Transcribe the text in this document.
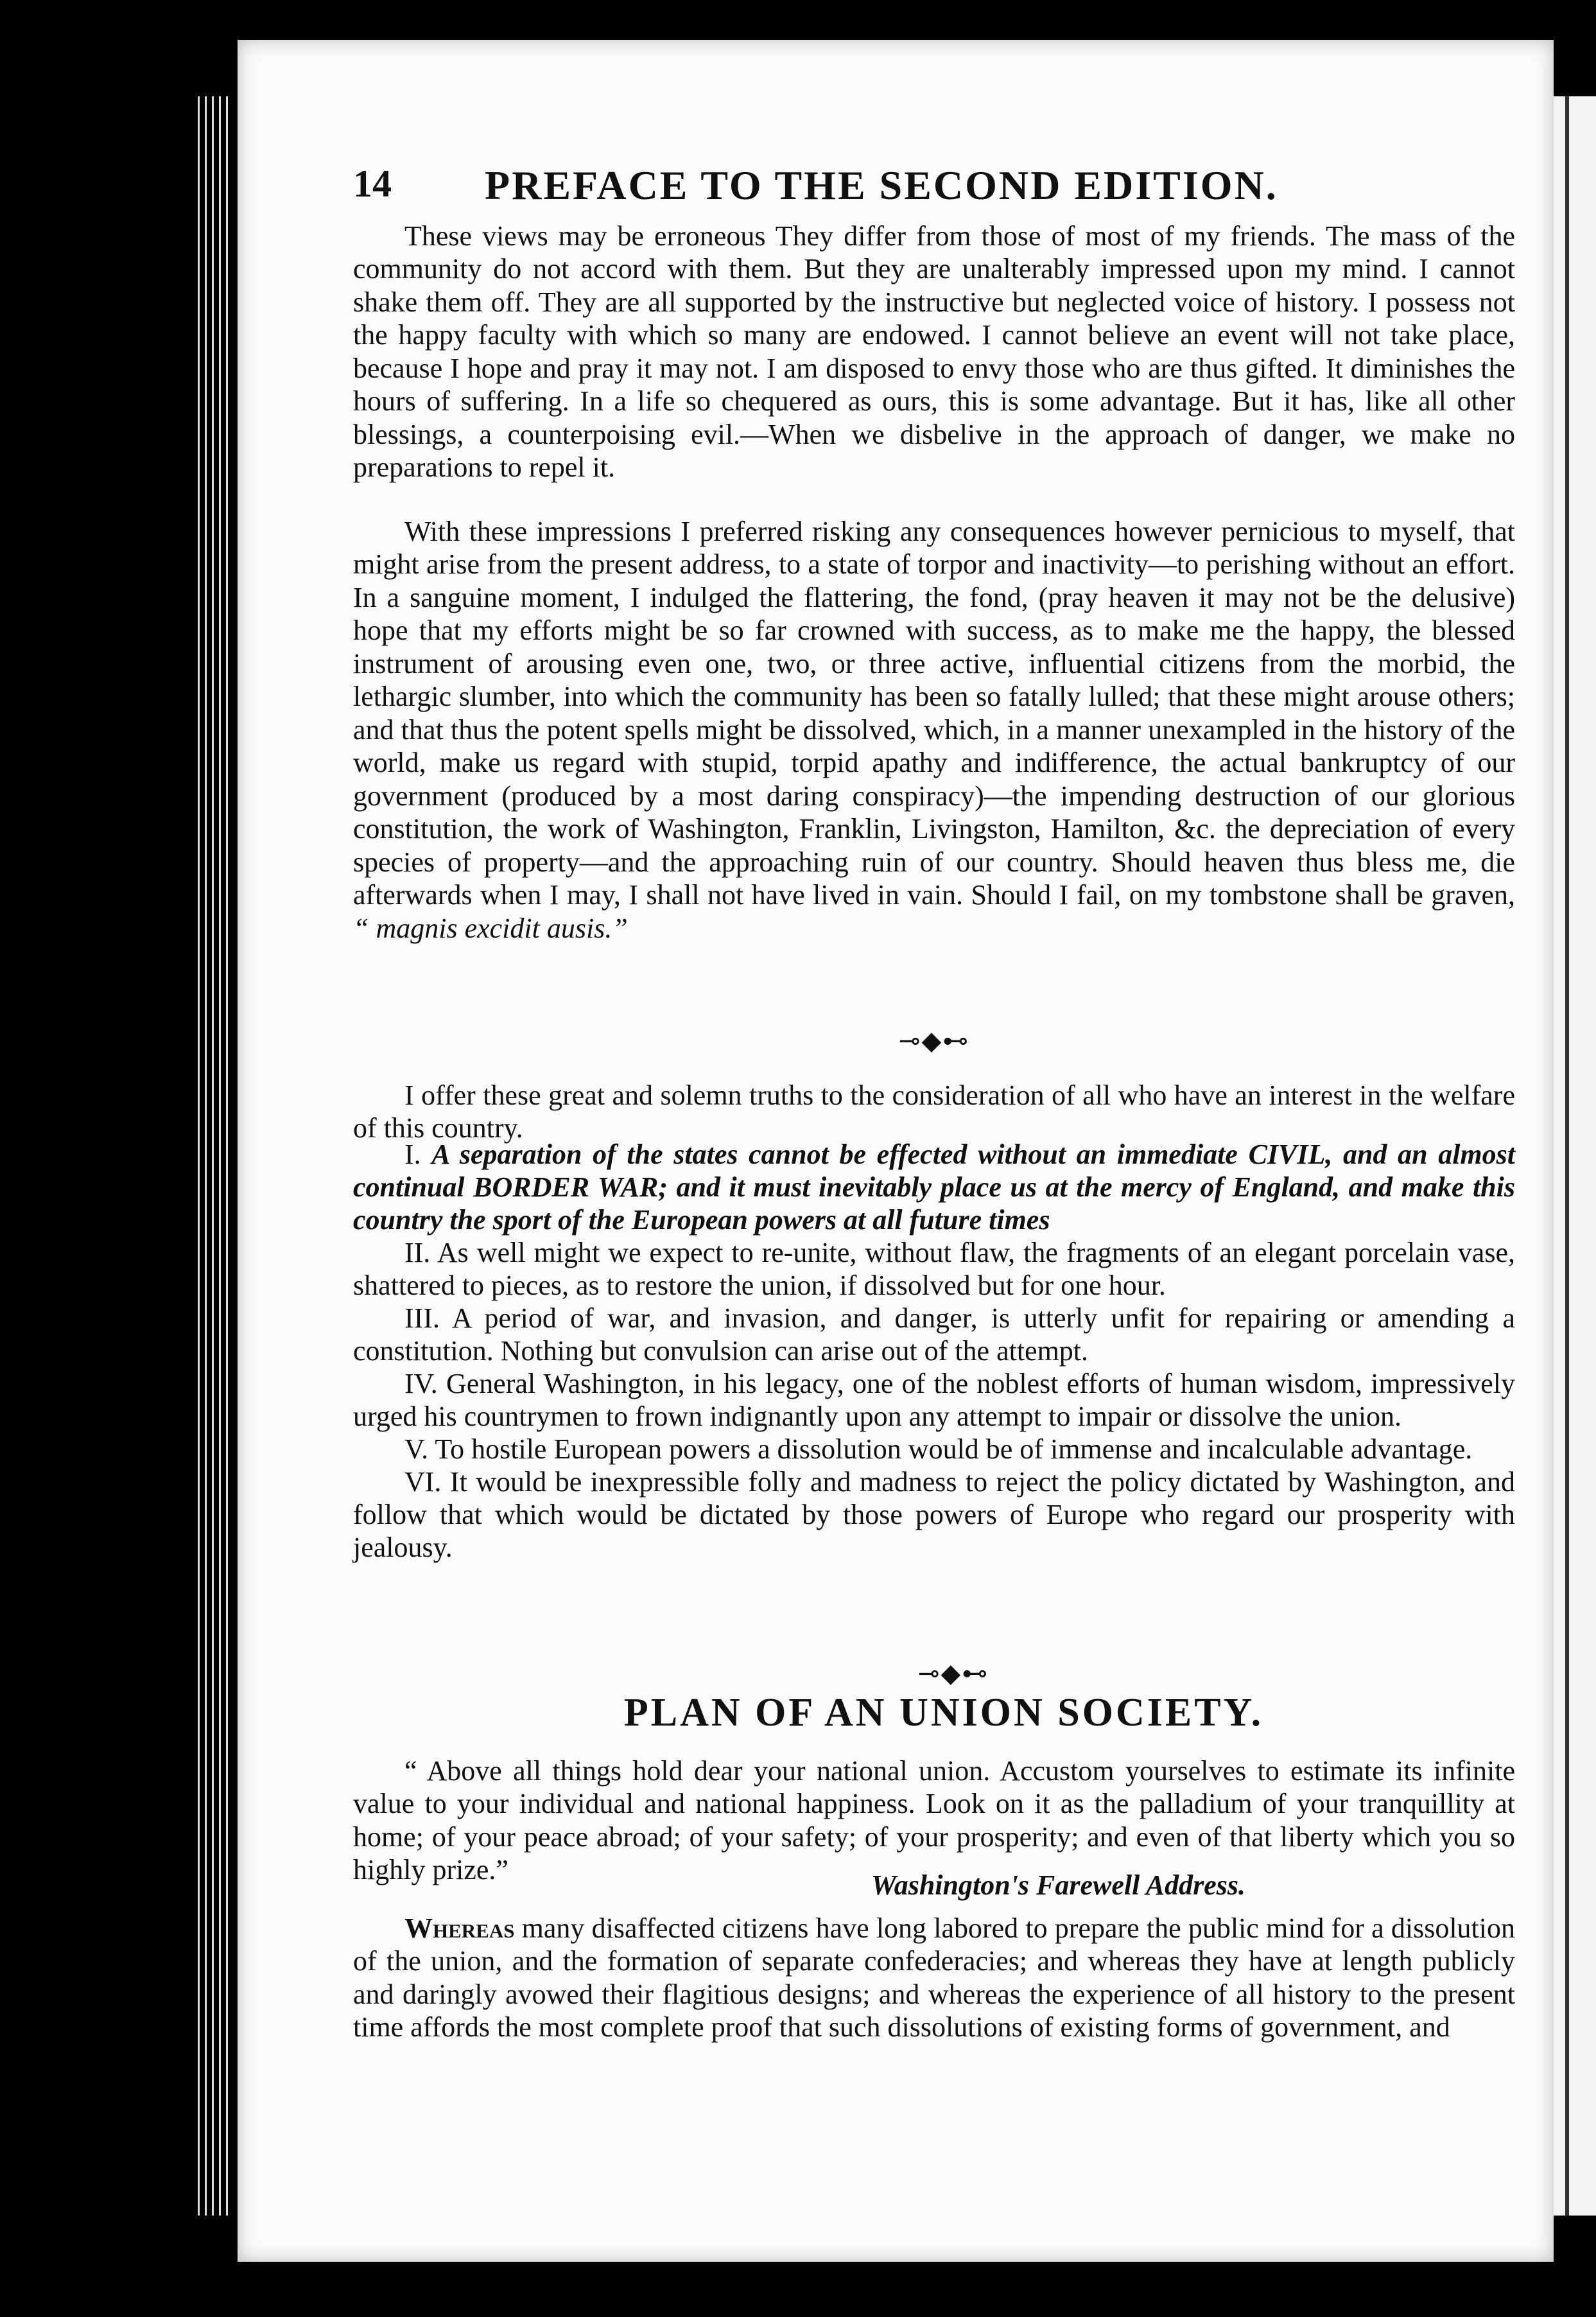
14 PREFACE TO THE SECOND EDITION.

These views may be erroneous They differ from those of most of my friends. The mass of the community do not accord with them. But they are unalterably impressed upon my mind. I cannot shake them off. They are all supported by the instructive but neglected voice of history. I possess not the happy faculty with which so many are endowed. I cannot believe an event will not take place, because I hope and pray it may not. I am disposed to envy those who are thus gifted. It diminishes the hours of suffering. In a life so chequered as ours, this is some advantage. But it has, like all other blessings, a counterpoising evil.—When we disbelive in the approach of danger, we make no preparations to repel it.

With these impressions I preferred risking any consequences however pernicious to myself, that might arise from the present address, to a state of torpor and inactivity—to perishing without an effort. In a sanguine moment, I indulged the flattering, the fond, (pray heaven it may not be the delusive) hope that my efforts might be so far crowned with success, as to make me the happy, the blessed instrument of arousing even one, two, or three active, influential citizens from the morbid, the lethargic slumber, into which the community has been so fatally lulled; that these might arouse others; and that thus the potent spells might be dissolved, which, in a manner unexampled in the history of the world, make us regard with stupid, torpid apathy and indifference, the actual bankruptcy of our government (produced by a most daring conspiracy)—the impending destruction of our glorious constitution, the work of Washington, Franklin, Livingston, Hamilton, &c. the depreciation of every species of property—and the approaching ruin of our country. Should heaven thus bless me, die afterwards when I may, I shall not have lived in vain. Should I fail, on my tombstone shall be graven, “ magnis excidit ausis.”

⊸◆⊷

I offer these great and solemn truths to the consideration of all who have an interest in the welfare of this country.

I. A separation of the states cannot be effected without an immediate CIVIL, and an almost continual BORDER WAR; and it must inevitably place us at the mercy of England, and make this country the sport of the European powers at all future times

II. As well might we expect to re-unite, without flaw, the fragments of an elegant porcelain vase, shattered to pieces, as to restore the union, if dissolved but for one hour.

III. A period of war, and invasion, and danger, is utterly unfit for repairing or amending a constitution. Nothing but convulsion can arise out of the attempt.

IV. General Washington, in his legacy, one of the noblest efforts of human wisdom, impressively urged his countrymen to frown indignantly upon any attempt to impair or dissolve the union.

V. To hostile European powers a dissolution would be of immense and incalculable advantage.

VI. It would be inexpressible folly and madness to reject the policy dictated by Washington, and follow that which would be dictated by those powers of Europe who regard our prosperity with jealousy.

⊸◆⊷
PLAN OF AN UNION SOCIETY.

“ Above all things hold dear your national union. Accustom yourselves to estimate its infinite value to your individual and national happiness. Look on it as the palladium of your tranquillity at home; of your peace abroad; of your safety; of your prosperity; and even of that liberty which you so highly prize.”	Washington's Farewell Address.

Whereas many disaffected citizens have long labored to prepare the public mind for a dissolution of the union, and the formation of separate confederacies; and whereas they have at length publicly and daringly avowed their flagitious designs; and whereas the experience of all history to the present time affords the most complete proof that such dissolutions of existing forms of government, and
